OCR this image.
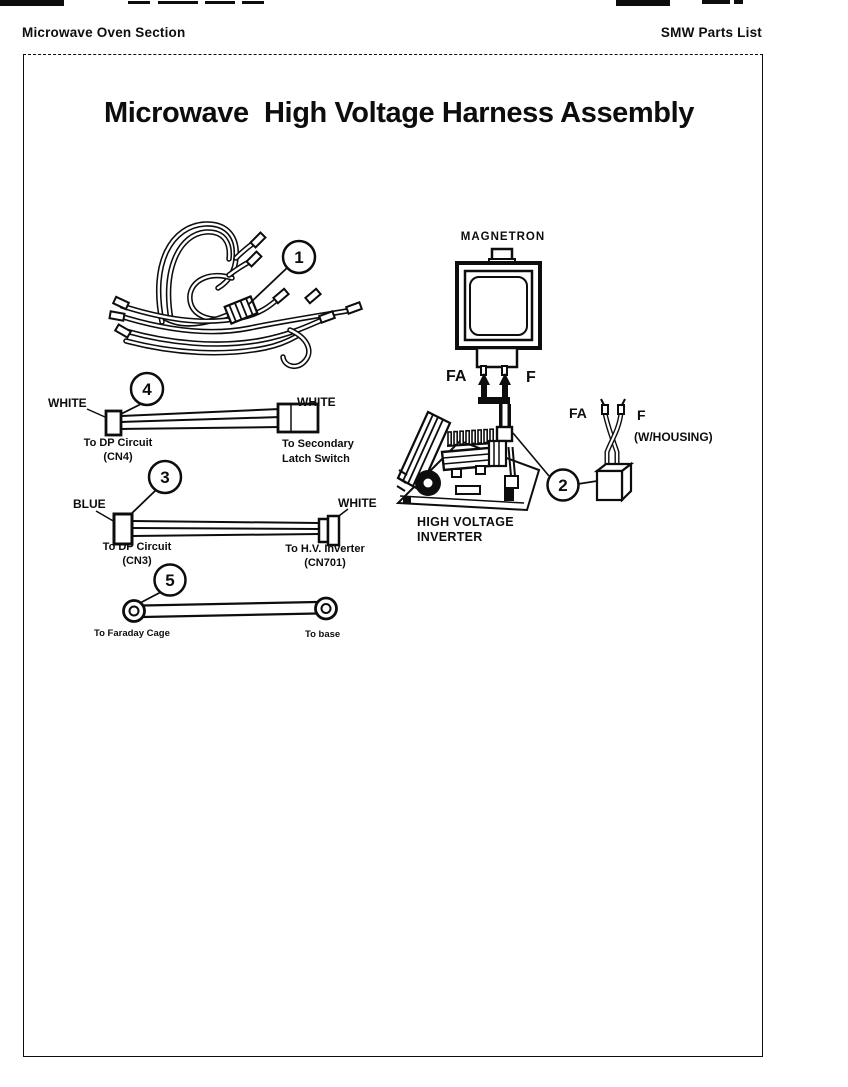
Microwave Oven Section	SMW Parts List
Microwave  High Voltage Harness Assembly
1
MAGNETRON
FA	F
HIGH VOLTAGE
INVERTER
FA	F
(W/HOUSING)
2
WHITE	WHITE
To DP Circuit
(CN4)
To Secondary
Latch Switch
4
BLUE	WHITE
To DP Circuit
(CN3)
To H.V. Inverter
(CN701)
3
To Faraday Cage	To base
5
